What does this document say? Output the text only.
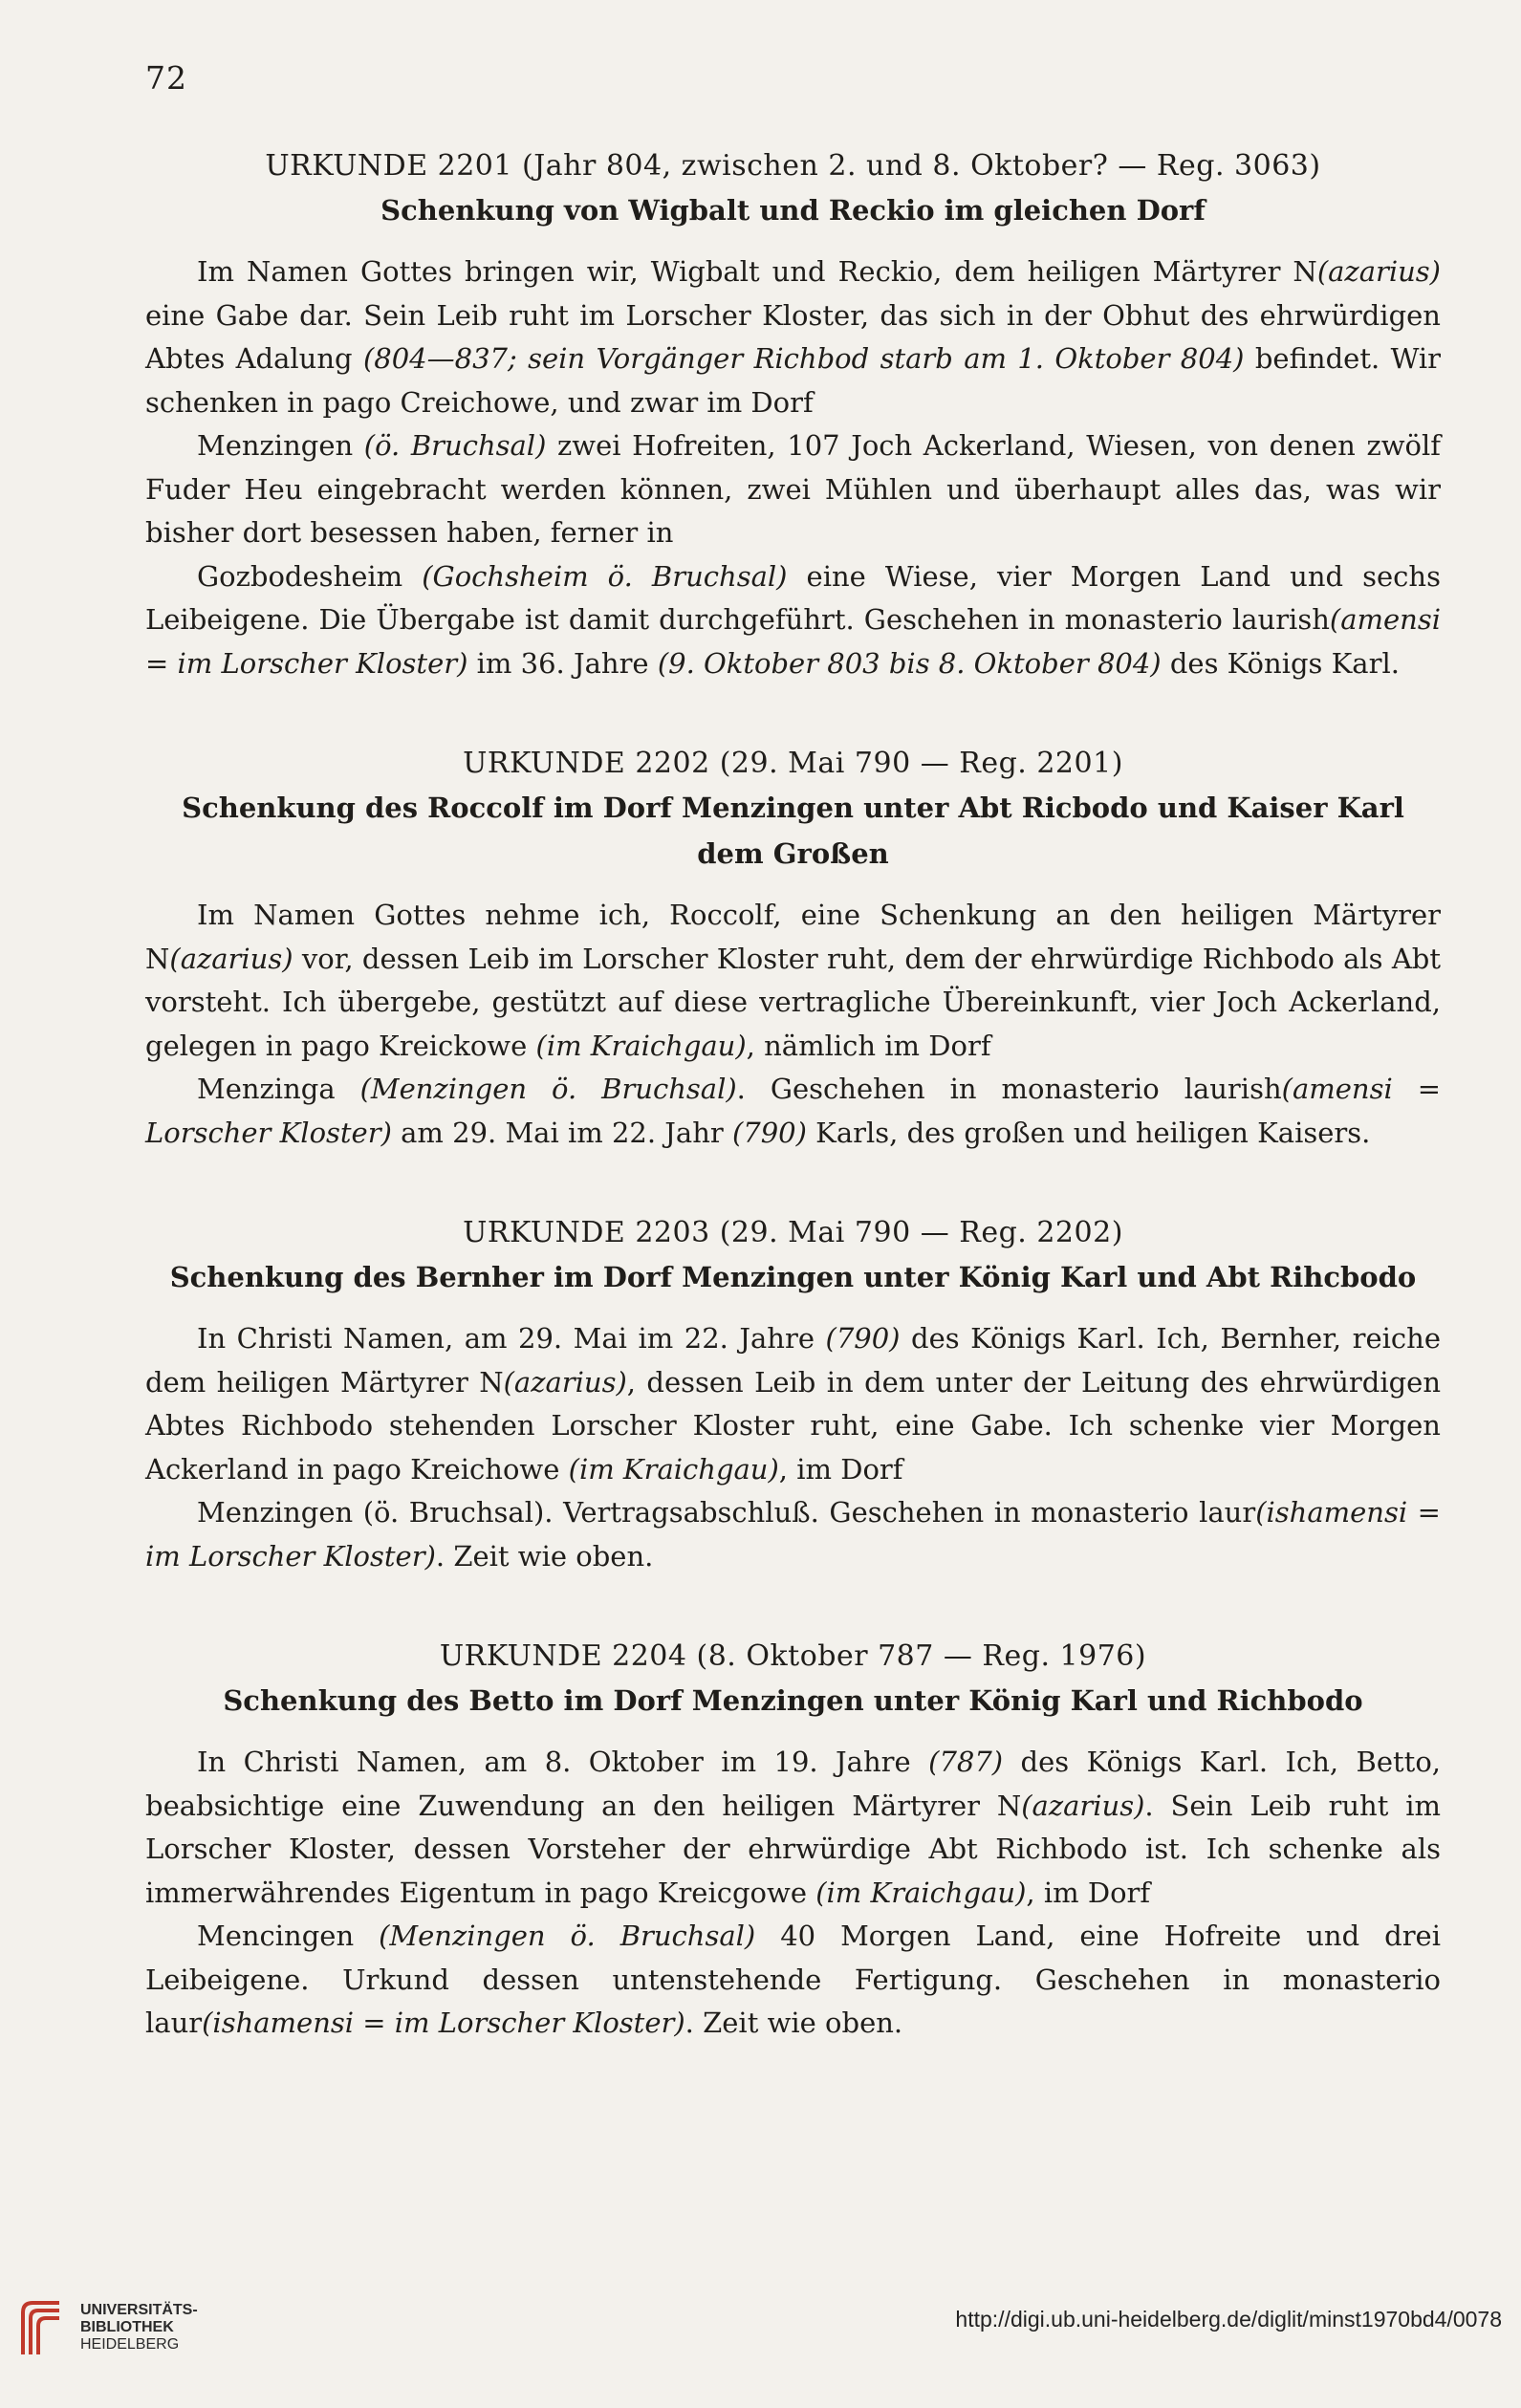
72
URKUNDE 2201 (Jahr 804, zwischen 2. und 8. Oktober? — Reg. 3063)
Schenkung von Wigbalt und Reckio im gleichen Dorf

Im Namen Gottes bringen wir, Wigbalt und Reckio, dem heiligen Märtyrer N(azarius) eine Gabe dar. Sein Leib ruht im Lorscher Kloster, das sich in der Obhut des ehrwürdigen Abtes Adalung (804—837; sein Vorgänger Richbod starb am 1. Oktober 804) befindet. Wir schenken in pago Creichowe, und zwar im Dorf

Menzingen (ö. Bruchsal) zwei Hofreiten, 107 Joch Ackerland, Wiesen, von denen zwölf Fuder Heu eingebracht werden können, zwei Mühlen und überhaupt alles das, was wir bisher dort besessen haben, ferner in

Gozbodesheim (Gochsheim ö. Bruchsal) eine Wiese, vier Morgen Land und sechs Leibeigene. Die Übergabe ist damit durchgeführt. Geschehen in monasterio laurish(amensi = im Lorscher Kloster) im 36. Jahre (9. Oktober 803 bis 8. Oktober 804) des Königs Karl.

URKUNDE 2202 (29. Mai 790 — Reg. 2201)
Schenkung des Roccolf im Dorf Menzingen unter Abt Ricbodo und Kaiser Karl dem Großen

Im Namen Gottes nehme ich, Roccolf, eine Schenkung an den heiligen Märtyrer N(azarius) vor, dessen Leib im Lorscher Kloster ruht, dem der ehrwürdige Richbodo als Abt vorsteht. Ich übergebe, gestützt auf diese vertragliche Übereinkunft, vier Joch Ackerland, gelegen in pago Kreickowe (im Kraichgau), nämlich im Dorf

Menzinga (Menzingen ö. Bruchsal). Geschehen in monasterio laurish(amensi = Lorscher Kloster) am 29. Mai im 22. Jahr (790) Karls, des großen und heiligen Kaisers.

URKUNDE 2203 (29. Mai 790 — Reg. 2202)
Schenkung des Bernher im Dorf Menzingen unter König Karl und Abt Rihcbodo

In Christi Namen, am 29. Mai im 22. Jahre (790) des Königs Karl. Ich, Bernher, reiche dem heiligen Märtyrer N(azarius), dessen Leib in dem unter der Leitung des ehrwürdigen Abtes Richbodo stehenden Lorscher Kloster ruht, eine Gabe. Ich schenke vier Morgen Ackerland in pago Kreichowe (im Kraichgau), im Dorf

Menzingen (ö. Bruchsal). Vertragsabschluß. Geschehen in monasterio laur(ishamensi = im Lorscher Kloster). Zeit wie oben.

URKUNDE 2204 (8. Oktober 787 — Reg. 1976)
Schenkung des Betto im Dorf Menzingen unter König Karl und Richbodo

In Christi Namen, am 8. Oktober im 19. Jahre (787) des Königs Karl. Ich, Betto, beabsichtige eine Zuwendung an den heiligen Märtyrer N(azarius). Sein Leib ruht im Lorscher Kloster, dessen Vorsteher der ehrwürdige Abt Richbodo ist. Ich schenke als immerwährendes Eigentum in pago Kreicgowe (im Kraichgau), im Dorf

Mencingen (Menzingen ö. Bruchsal) 40 Morgen Land, eine Hofreite und drei Leibeigene. Urkund dessen untenstehende Fertigung. Geschehen in monasterio laur(ishamensi = im Lorscher Kloster). Zeit wie oben.

UNIVERSITÄTS-
BIBLIOTHEK
HEIDELBERG
http://digi.ub.uni-heidelberg.de/diglit/minst1970bd4/0078
